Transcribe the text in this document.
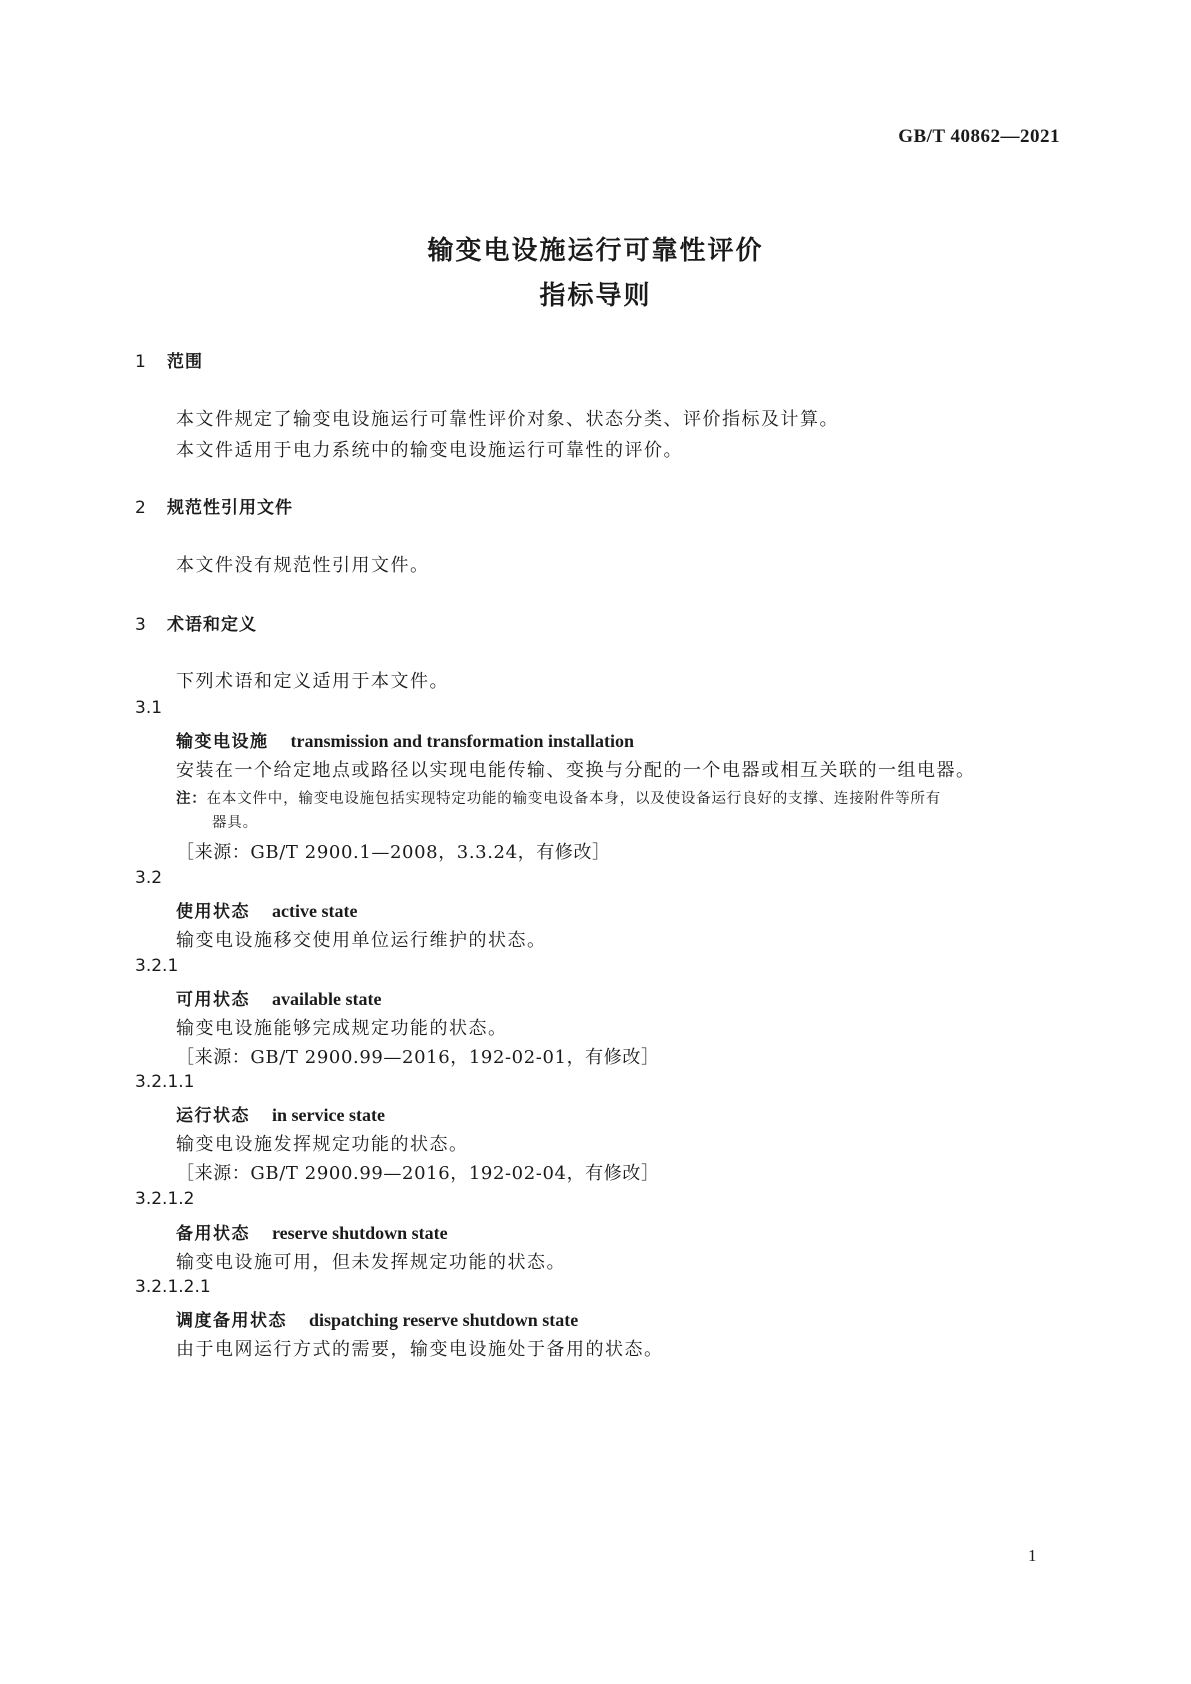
GB/T 40862—2021
输变电设施运行可靠性评价
指标导则
1 范围
本文件规定了输变电设施运行可靠性评价对象、状态分类、评价指标及计算。
本文件适用于电力系统中的输变电设施运行可靠性的评价。
2 规范性引用文件
本文件没有规范性引用文件。
3 术语和定义
下列术语和定义适用于本文件。
3.1
输变电设施 transmission and transformation installation
安装在一个给定地点或路径以实现电能传输、变换与分配的一个电器或相互关联的一组电器。
注：在本文件中，输变电设施包括实现特定功能的输变电设备本身，以及使设备运行良好的支撑、连接附件等所有
器具。
［来源：GB/T 2900.1—2008，3.3.24，有修改］
3.2
使用状态 active state
输变电设施移交使用单位运行维护的状态。
3.2.1
可用状态 available state
输变电设施能够完成规定功能的状态。
［来源：GB/T 2900.99—2016，192-02-01，有修改］
3.2.1.1
运行状态 in service state
输变电设施发挥规定功能的状态。
［来源：GB/T 2900.99—2016，192-02-04，有修改］
3.2.1.2
备用状态 reserve shutdown state
输变电设施可用，但未发挥规定功能的状态。
3.2.1.2.1
调度备用状态 dispatching reserve shutdown state
由于电网运行方式的需要，输变电设施处于备用的状态。
1
